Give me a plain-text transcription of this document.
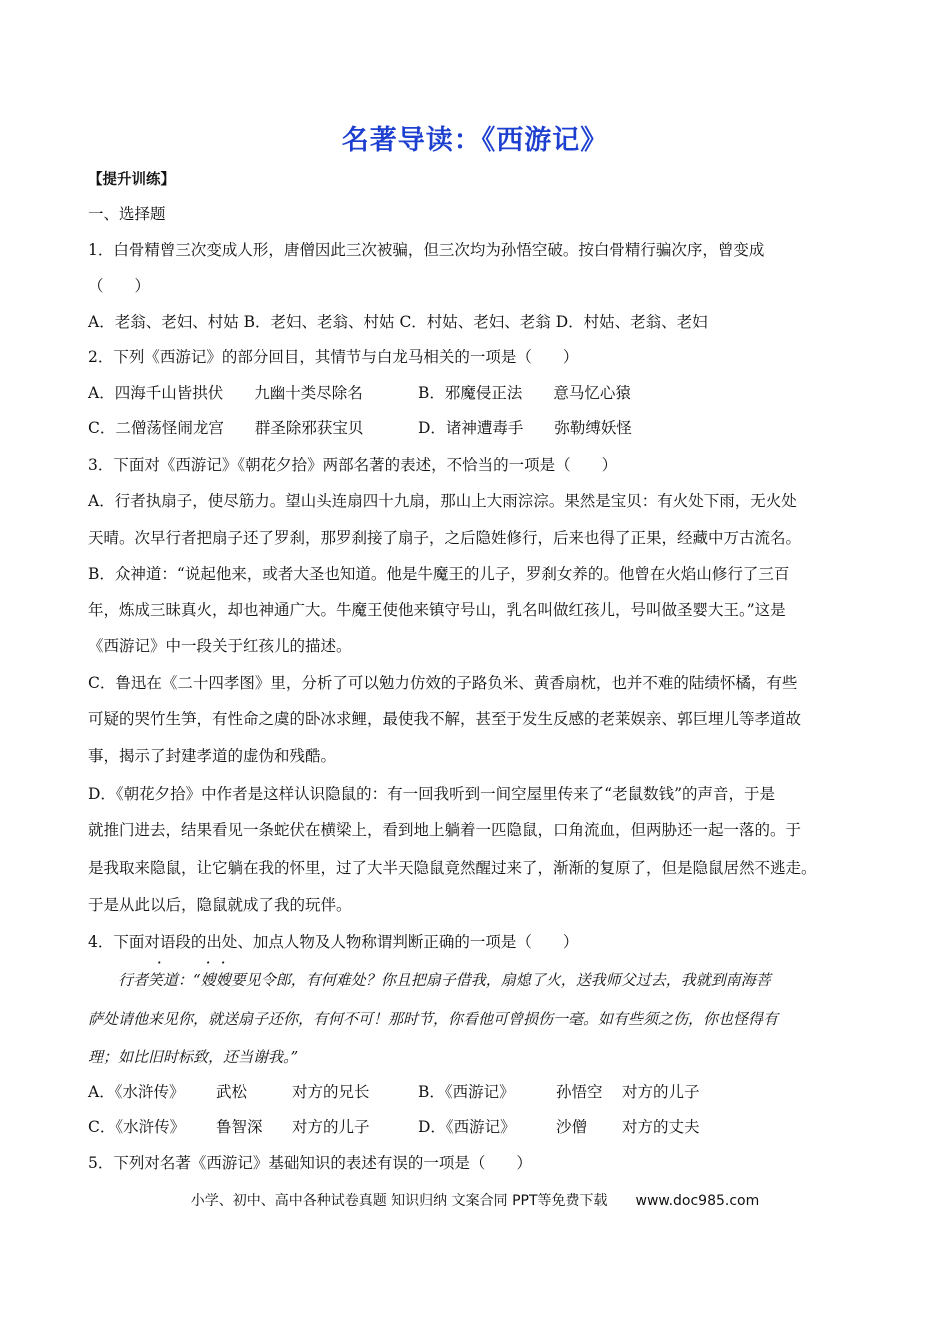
名著导读：《西游记》
【提升训练】
一、选择题
1．白骨精曾三次变成人形，唐僧因此三次被骗，但三次均为孙悟空破。按白骨精行骗次序，曾变成
（　　）
A．老翁、老妇、村姑 B．老妇、老翁、村姑 C．村姑、老妇、老翁 D．村姑、老翁、老妇
2．下列《西游记》的部分回目，其情节与白龙马相关的一项是（　　）
A．四海千山皆拱伏　　九幽十类尽除名	B．邪魔侵正法　　意马忆心猿
C．二僧荡怪闹龙宫　　群圣除邪获宝贝	D．诸神遭毒手　　弥勒缚妖怪
3．下面对《西游记》《朝花夕拾》两部名著的表述，不恰当的一项是（　　）
A．行者执扇子，使尽筋力。望山头连扇四十九扇，那山上大雨淙淙。果然是宝贝：有火处下雨，无火处
天晴。次早行者把扇子还了罗刹，那罗刹接了扇子，之后隐姓修行，后来也得了正果，经藏中万古流名。
B．众神道：“说起他来，或者大圣也知道。他是牛魔王的儿子，罗刹女养的。他曾在火焰山修行了三百
年，炼成三昧真火，却也神通广大。牛魔王使他来镇守号山，乳名叫做红孩儿，号叫做圣婴大王。”这是
《西游记》中一段关于红孩儿的描述。
C．鲁迅在《二十四孝图》里，分析了可以勉力仿效的子路负米、黄香扇枕，也并不难的陆绩怀橘，有些
可疑的哭竹生笋，有性命之虞的卧冰求鲤，最使我不解，甚至于发生反感的老莱娱亲、郭巨埋儿等孝道故
事，揭示了封建孝道的虚伪和残酷。
D．《朝花夕拾》中作者是这样认识隐鼠的：有一回我听到一间空屋里传来了“老鼠数钱”的声音，于是
就推门进去，结果看见一条蛇伏在横梁上，看到地上躺着一匹隐鼠，口角流血，但两胁还一起一落的。于
是我取来隐鼠，让它躺在我的怀里，过了大半天隐鼠竟然醒过来了，渐渐的复原了，但是隐鼠居然不逃走。
于是从此以后，隐鼠就成了我的玩伴。
4．下面对语段的出处、加点人物及人物称谓判断正确的一项是（　　）
· 行者笑道：“嫂嫂要见令郎，有何难处？你且把扇子借我，扇熄了火，送我师父过去，我就到南海菩
萨处请他来见你，就送扇子还你，有何不可！那时节，你看他可曾损伤一毫。如有些须之伤，你也怪得有
理；如比旧时标致，还当谢我。”
A．《水浒传》 武松	对方的兄长	B．《西游记》	孙悟空 对方的儿子
C．《水浒传》 鲁智深 对方的儿子	D．《西游记》	沙僧 对方的丈夫
5．下列对名著《西游记》基础知识的表述有误的一项是（　　）
小学、初中、高中各种试卷真题 知识归纳 文案合同 PPT等免费下载　　www.doc985.com
